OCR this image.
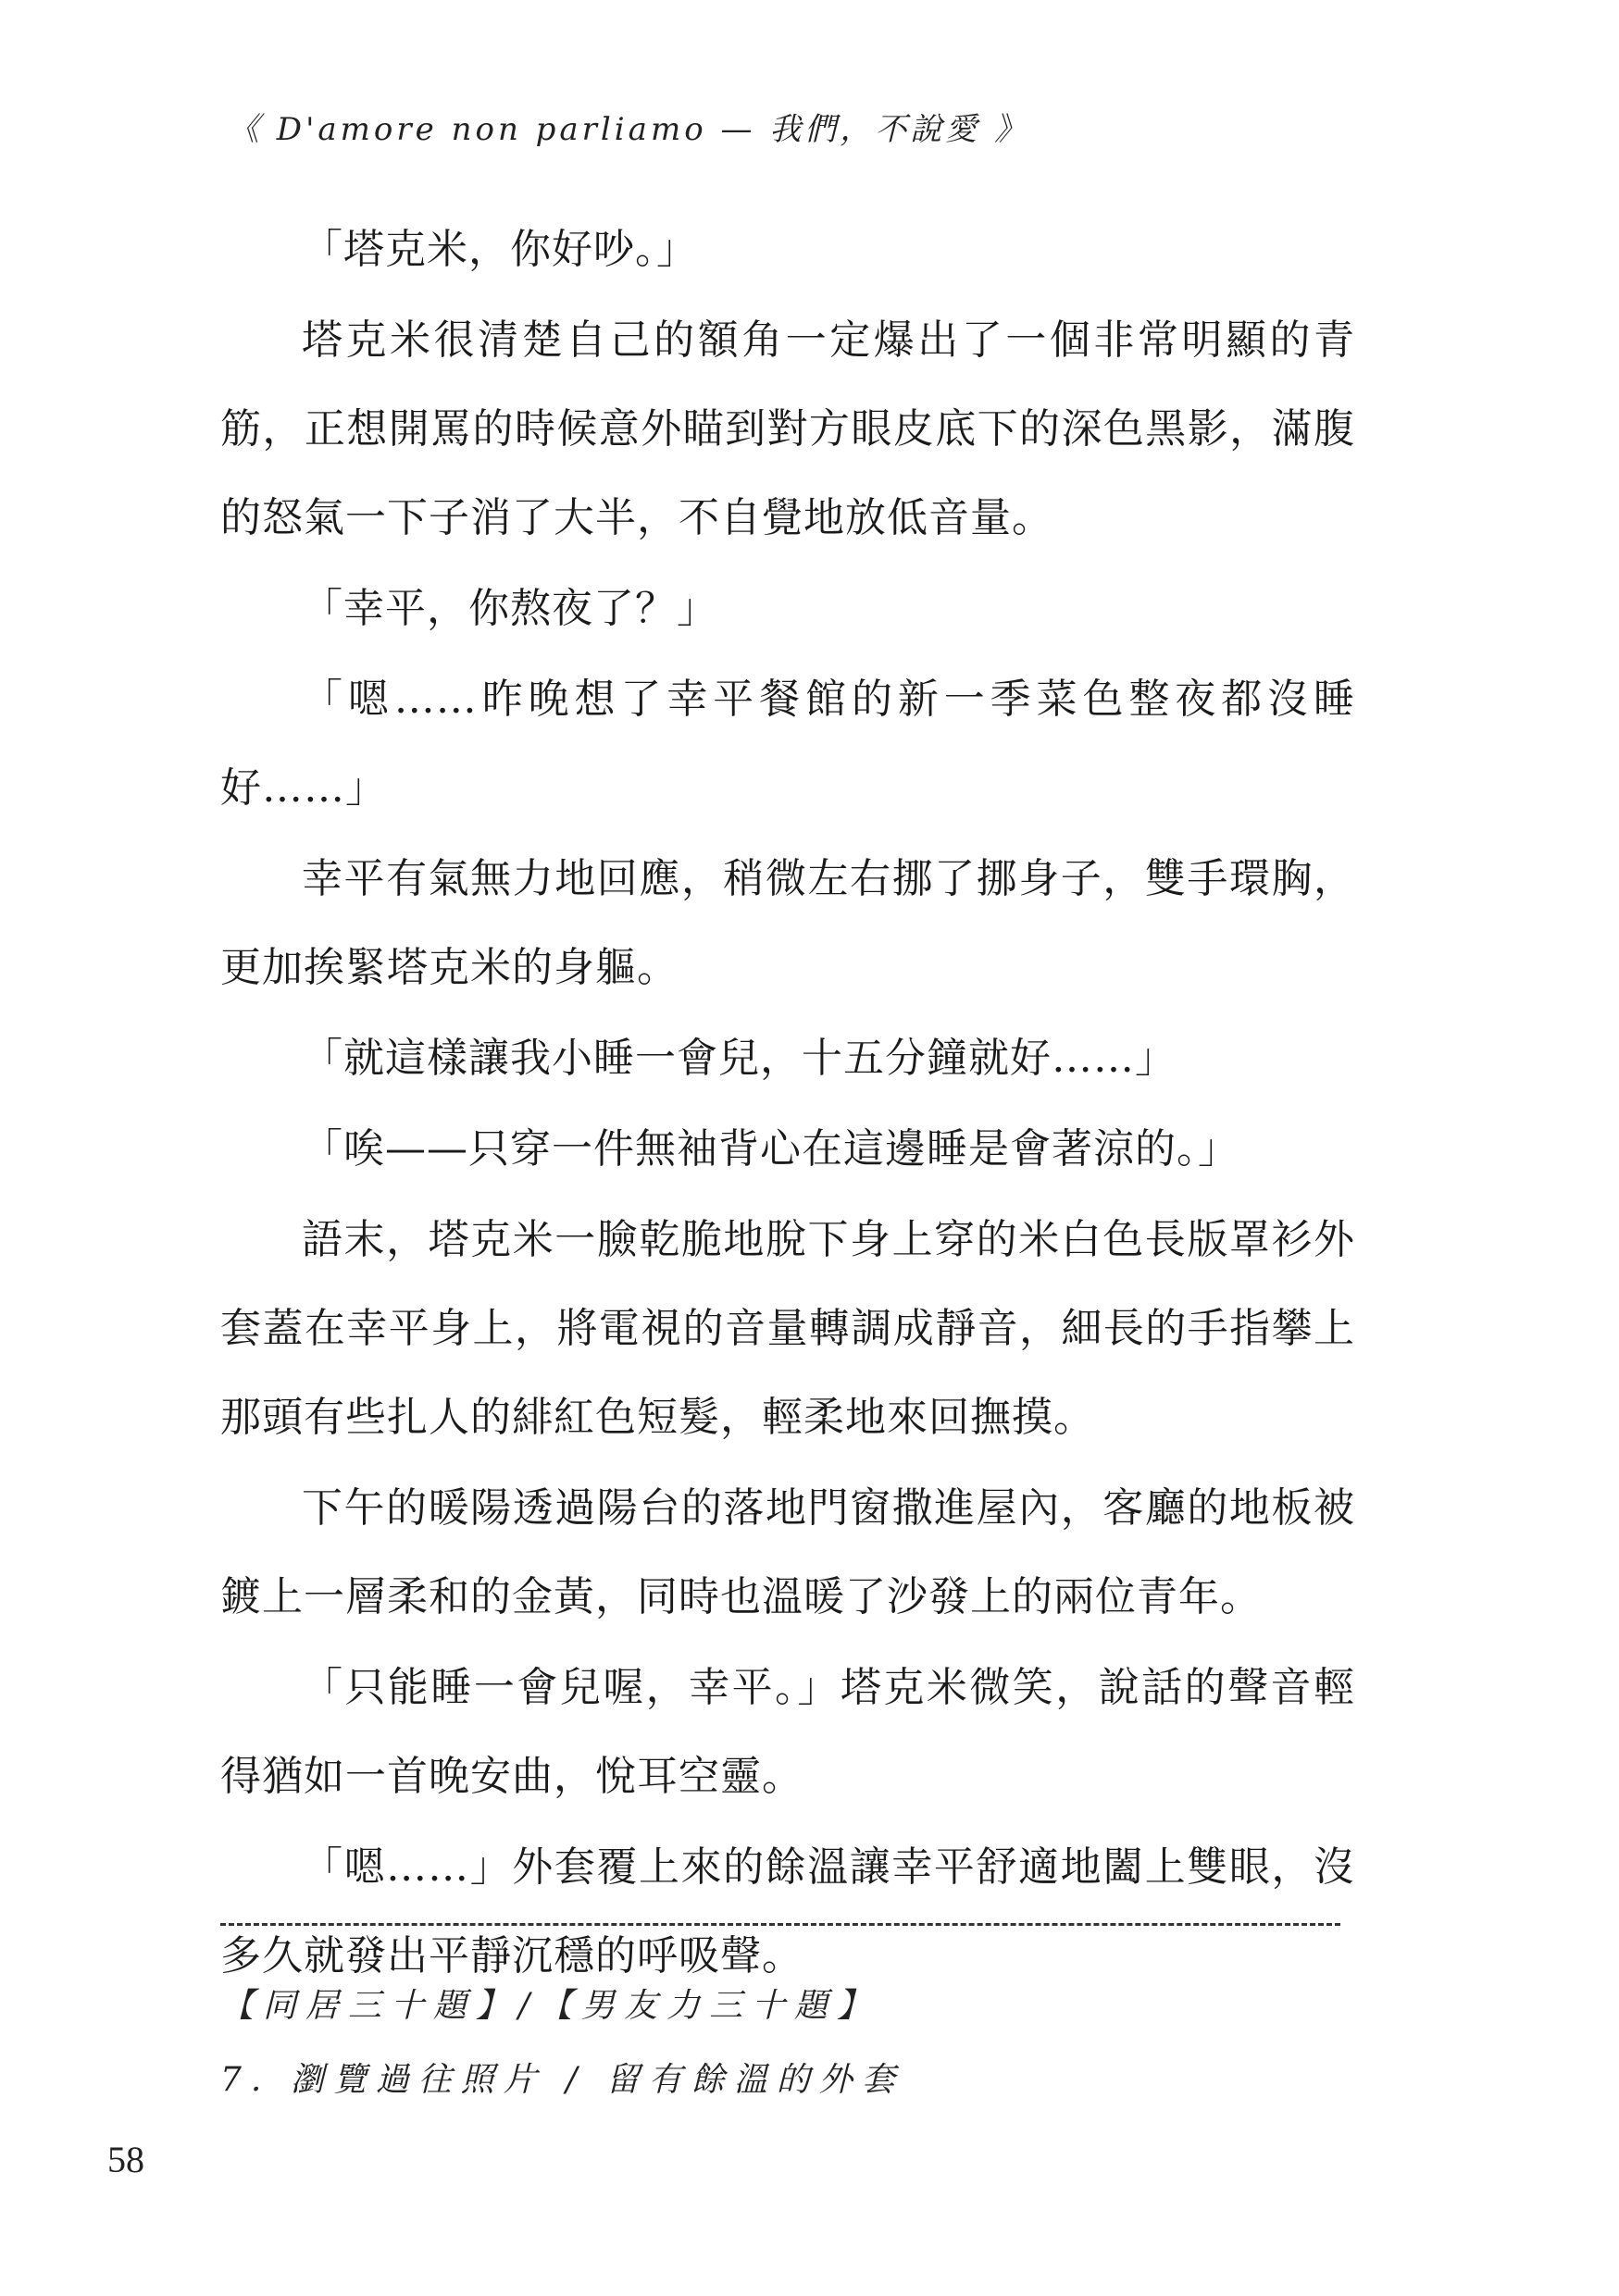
《 D'amore non parliamo — 我們，不說愛 》

「塔克米，你好吵。」

塔克米很清楚自己的額角一定爆出了一個非常明顯的青筋，正想開罵的時候意外瞄到對方眼皮底下的深色黑影，滿腹的怒氣一下子消了大半，不自覺地放低音量。

「幸平，你熬夜了？」

「嗯……昨晚想了幸平餐館的新一季菜色整夜都沒睡好……」

幸平有氣無力地回應，稍微左右挪了挪身子，雙手環胸，更加挨緊塔克米的身軀。

「就這樣讓我小睡一會兒，十五分鐘就好……」

「唉——只穿一件無袖背心在這邊睡是會著涼的。」

語末，塔克米一臉乾脆地脫下身上穿的米白色長版罩衫外套蓋在幸平身上，將電視的音量轉調成靜音，細長的手指攀上那頭有些扎人的緋紅色短髮，輕柔地來回撫摸。

下午的暖陽透過陽台的落地門窗撒進屋內，客廳的地板被鍍上一層柔和的金黃，同時也溫暖了沙發上的兩位青年。

「只能睡一會兒喔，幸平。」塔克米微笑，說話的聲音輕得猶如一首晚安曲，悅耳空靈。

「嗯……」外套覆上來的餘溫讓幸平舒適地闔上雙眼，沒多久就發出平靜沉穩的呼吸聲。

【同居三十題】/【男友力三十題】
7. 瀏覽過往照片 / 留有餘溫的外套
58
